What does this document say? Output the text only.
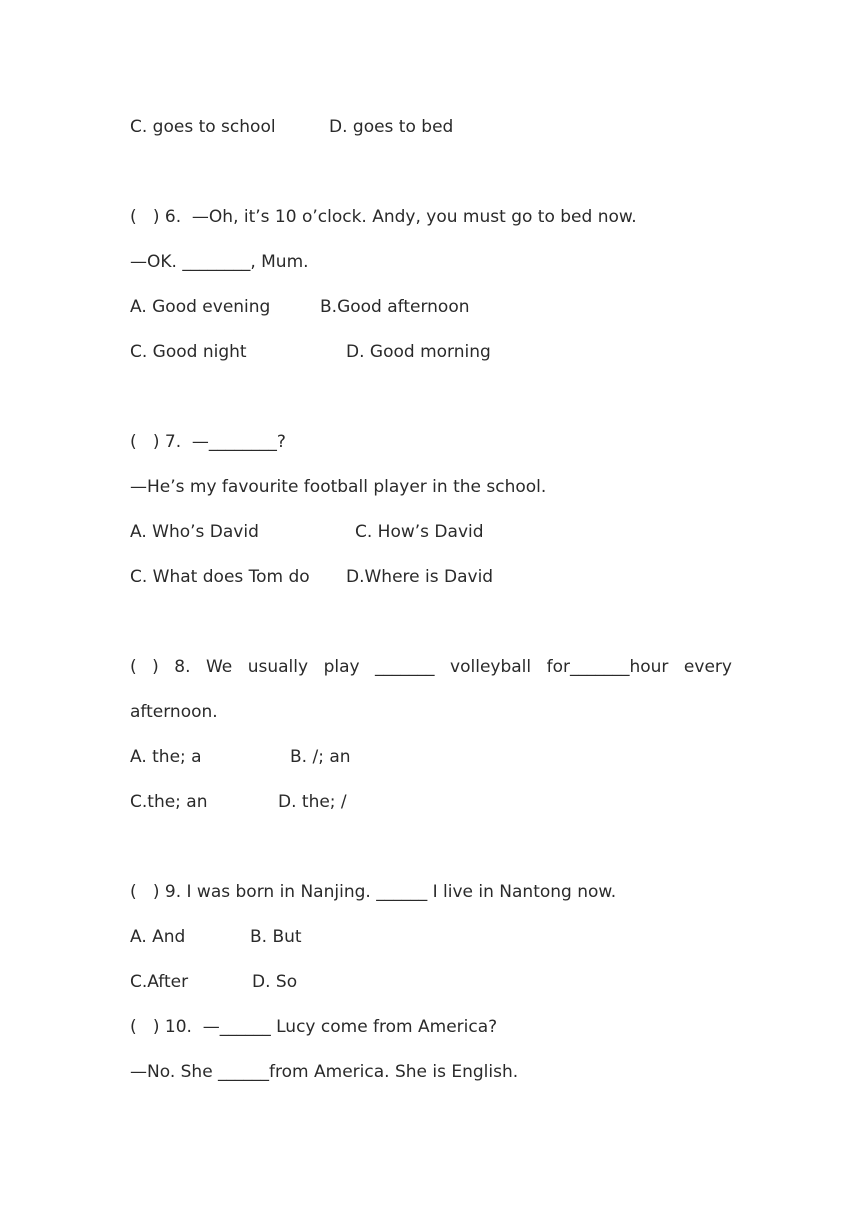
C. goes to school	D. goes to bed
(   ) 6.  —Oh, it’s 10 o’clock. Andy, you must go to bed now.
—OK. ________, Mum.
A. Good evening	B.Good afternoon
C. Good night	D. Good morning
(   ) 7.  —________?
—He’s my favourite football player in the school.
A. Who’s David	C. How’s David
C. What does Tom do D.Where is David
( ) 8. We usually play _______ volleyball for_______hour every
afternoon.
A. the; a	B. /; an
C.the; an	D. the; /
(   ) 9. I was born in Nanjing. ______ I live in Nantong now.
A. And	B. But
C.After	D. So
(   ) 10.  —______ Lucy come from America?
—No. She ______from America. She is English.
